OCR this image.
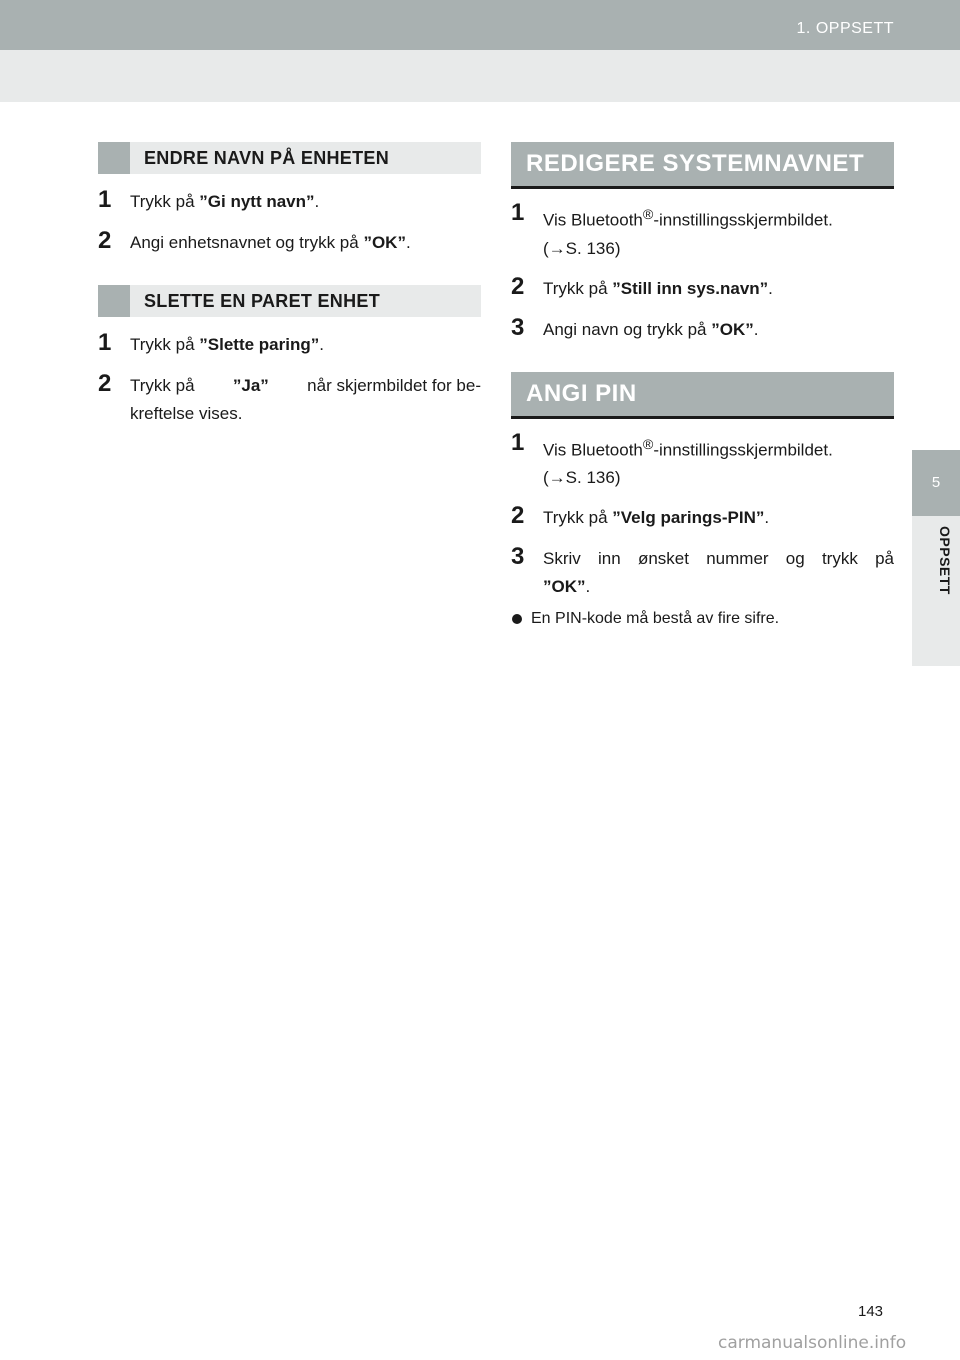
1. OPPSETT
5
OPPSETT
ENDRE NAVN PÅ ENHETEN
1 Trykk på ”Gi nytt navn”.
2 Angi enhetsnavnet og trykk på ”OK”.
SLETTE EN PARET ENHET
1 Trykk på ”Slette paring”.
2 Trykk på ”Ja” når skjermbildet for be-
kreftelse vises.
REDIGERE SYSTEMNAVNET
1 Vis Bluetooth®-innstillingsskjermbildet.
(→S. 136)
2 Trykk på ”Still inn sys.navn”.
3 Angi navn og trykk på ”OK”.
ANGI PIN
1 Vis Bluetooth®-innstillingsskjermbildet.
(→S. 136)
2 Trykk på ”Velg parings-PIN”.
3 Skriv inn ønsket nummer og trykk på
”OK”.
En PIN-kode må bestå av fire sifre.
143
carmanualsonline.info
